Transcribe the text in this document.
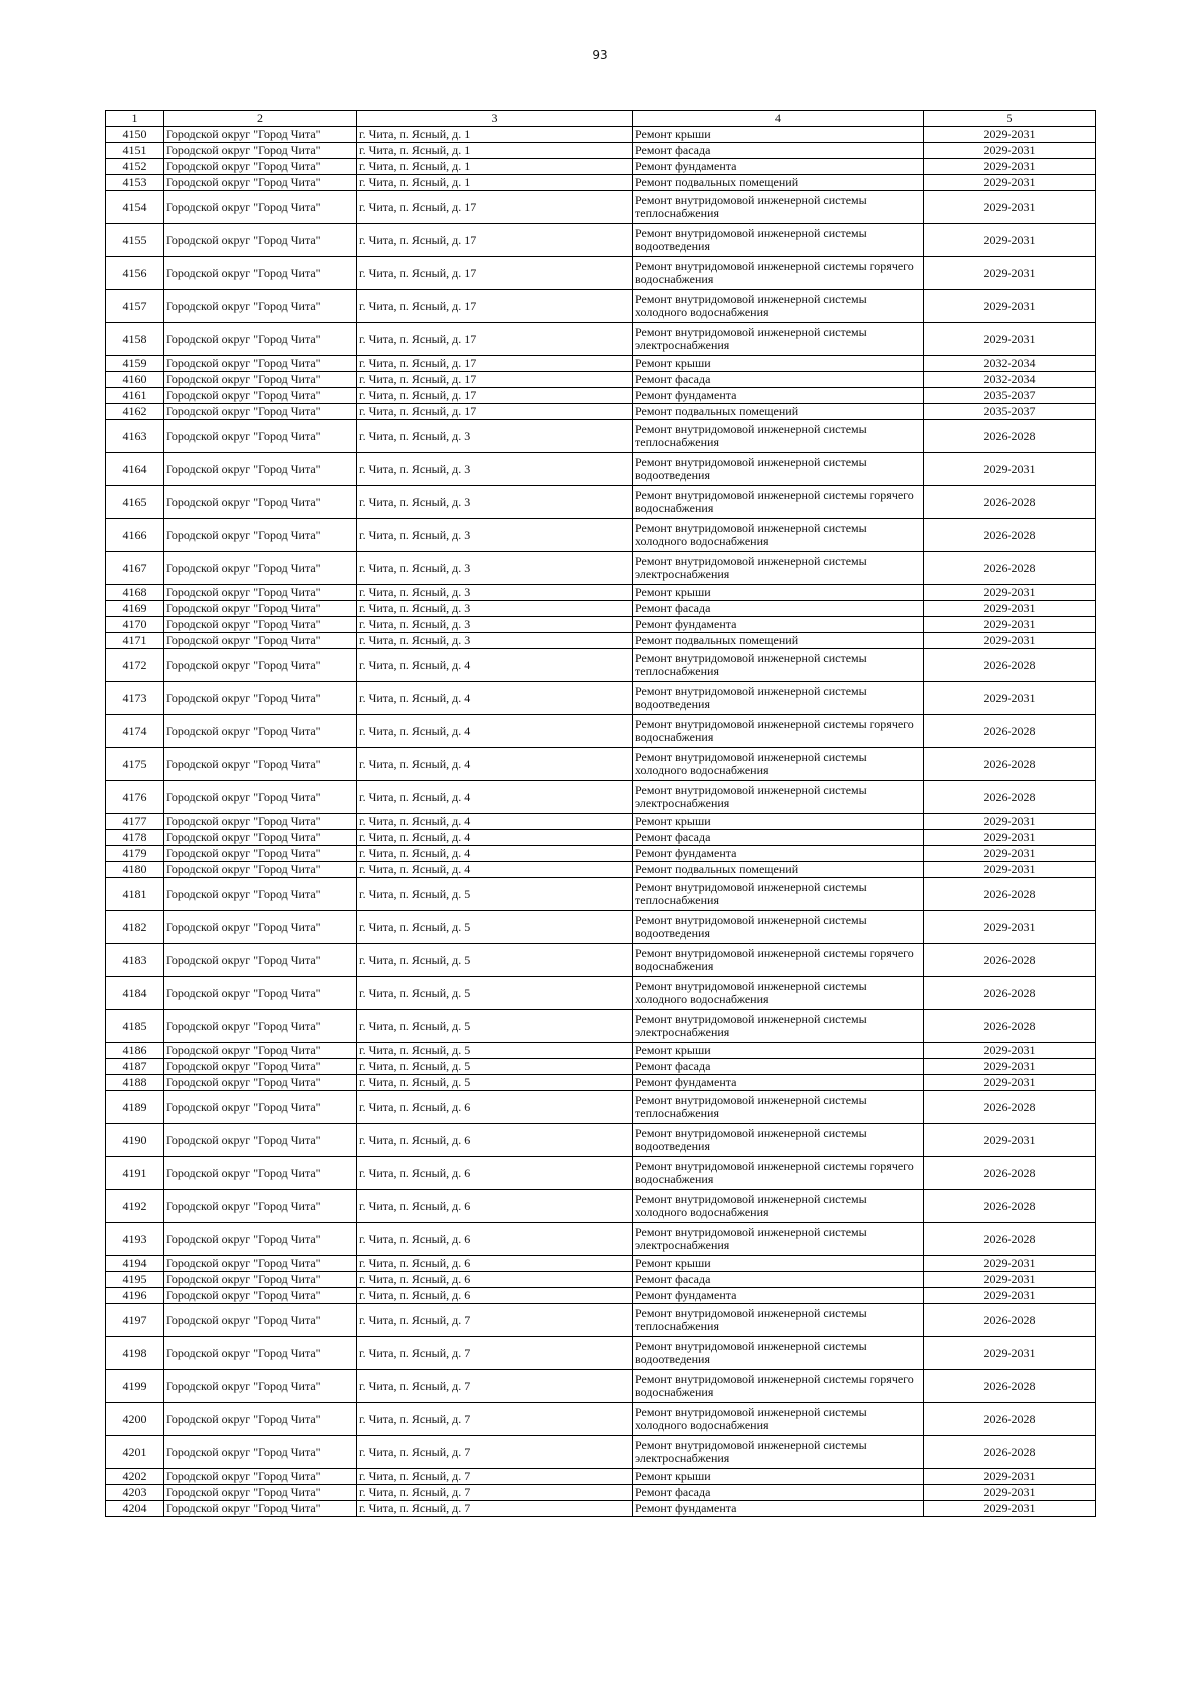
93
1	2	3	4	5
4150	Городской округ "Город Чита"	г. Чита, п. Ясный, д. 1	Ремонт крыши	2029-2031
4151	Городской округ "Город Чита"	г. Чита, п. Ясный, д. 1	Ремонт фасада	2029-2031
4152	Городской округ "Город Чита"	г. Чита, п. Ясный, д. 1	Ремонт фундамента	2029-2031
4153	Городской округ "Город Чита"	г. Чита, п. Ясный, д. 1	Ремонт подвальных помещений	2029-2031
4154	Городской округ "Город Чита"	г. Чита, п. Ясный, д. 17	Ремонт внутридомовой инженерной системы теплоснабжения	2029-2031
4155	Городской округ "Город Чита"	г. Чита, п. Ясный, д. 17	Ремонт внутридомовой инженерной системы водоотведения	2029-2031
4156	Городской округ "Город Чита"	г. Чита, п. Ясный, д. 17	Ремонт внутридомовой инженерной системы горячего водоснабжения	2029-2031
4157	Городской округ "Город Чита"	г. Чита, п. Ясный, д. 17	Ремонт внутридомовой инженерной системы холодного водоснабжения	2029-2031
4158	Городской округ "Город Чита"	г. Чита, п. Ясный, д. 17	Ремонт внутридомовой инженерной системы электроснабжения	2029-2031
4159	Городской округ "Город Чита"	г. Чита, п. Ясный, д. 17	Ремонт крыши	2032-2034
4160	Городской округ "Город Чита"	г. Чита, п. Ясный, д. 17	Ремонт фасада	2032-2034
4161	Городской округ "Город Чита"	г. Чита, п. Ясный, д. 17	Ремонт фундамента	2035-2037
4162	Городской округ "Город Чита"	г. Чита, п. Ясный, д. 17	Ремонт подвальных помещений	2035-2037
4163	Городской округ "Город Чита"	г. Чита, п. Ясный, д. 3	Ремонт внутридомовой инженерной системы теплоснабжения	2026-2028
4164	Городской округ "Город Чита"	г. Чита, п. Ясный, д. 3	Ремонт внутридомовой инженерной системы водоотведения	2029-2031
4165	Городской округ "Город Чита"	г. Чита, п. Ясный, д. 3	Ремонт внутридомовой инженерной системы горячего водоснабжения	2026-2028
4166	Городской округ "Город Чита"	г. Чита, п. Ясный, д. 3	Ремонт внутридомовой инженерной системы холодного водоснабжения	2026-2028
4167	Городской округ "Город Чита"	г. Чита, п. Ясный, д. 3	Ремонт внутридомовой инженерной системы электроснабжения	2026-2028
4168	Городской округ "Город Чита"	г. Чита, п. Ясный, д. 3	Ремонт крыши	2029-2031
4169	Городской округ "Город Чита"	г. Чита, п. Ясный, д. 3	Ремонт фасада	2029-2031
4170	Городской округ "Город Чита"	г. Чита, п. Ясный, д. 3	Ремонт фундамента	2029-2031
4171	Городской округ "Город Чита"	г. Чита, п. Ясный, д. 3	Ремонт подвальных помещений	2029-2031
4172	Городской округ "Город Чита"	г. Чита, п. Ясный, д. 4	Ремонт внутридомовой инженерной системы теплоснабжения	2026-2028
4173	Городской округ "Город Чита"	г. Чита, п. Ясный, д. 4	Ремонт внутридомовой инженерной системы водоотведения	2029-2031
4174	Городской округ "Город Чита"	г. Чита, п. Ясный, д. 4	Ремонт внутридомовой инженерной системы горячего водоснабжения	2026-2028
4175	Городской округ "Город Чита"	г. Чита, п. Ясный, д. 4	Ремонт внутридомовой инженерной системы холодного водоснабжения	2026-2028
4176	Городской округ "Город Чита"	г. Чита, п. Ясный, д. 4	Ремонт внутридомовой инженерной системы электроснабжения	2026-2028
4177	Городской округ "Город Чита"	г. Чита, п. Ясный, д. 4	Ремонт крыши	2029-2031
4178	Городской округ "Город Чита"	г. Чита, п. Ясный, д. 4	Ремонт фасада	2029-2031
4179	Городской округ "Город Чита"	г. Чита, п. Ясный, д. 4	Ремонт фундамента	2029-2031
4180	Городской округ "Город Чита"	г. Чита, п. Ясный, д. 4	Ремонт подвальных помещений	2029-2031
4181	Городской округ "Город Чита"	г. Чита, п. Ясный, д. 5	Ремонт внутридомовой инженерной системы теплоснабжения	2026-2028
4182	Городской округ "Город Чита"	г. Чита, п. Ясный, д. 5	Ремонт внутридомовой инженерной системы водоотведения	2029-2031
4183	Городской округ "Город Чита"	г. Чита, п. Ясный, д. 5	Ремонт внутридомовой инженерной системы горячего водоснабжения	2026-2028
4184	Городской округ "Город Чита"	г. Чита, п. Ясный, д. 5	Ремонт внутридомовой инженерной системы холодного водоснабжения	2026-2028
4185	Городской округ "Город Чита"	г. Чита, п. Ясный, д. 5	Ремонт внутридомовой инженерной системы электроснабжения	2026-2028
4186	Городской округ "Город Чита"	г. Чита, п. Ясный, д. 5	Ремонт крыши	2029-2031
4187	Городской округ "Город Чита"	г. Чита, п. Ясный, д. 5	Ремонт фасада	2029-2031
4188	Городской округ "Город Чита"	г. Чита, п. Ясный, д. 5	Ремонт фундамента	2029-2031
4189	Городской округ "Город Чита"	г. Чита, п. Ясный, д. 6	Ремонт внутридомовой инженерной системы теплоснабжения	2026-2028
4190	Городской округ "Город Чита"	г. Чита, п. Ясный, д. 6	Ремонт внутридомовой инженерной системы водоотведения	2029-2031
4191	Городской округ "Город Чита"	г. Чита, п. Ясный, д. 6	Ремонт внутридомовой инженерной системы горячего водоснабжения	2026-2028
4192	Городской округ "Город Чита"	г. Чита, п. Ясный, д. 6	Ремонт внутридомовой инженерной системы холодного водоснабжения	2026-2028
4193	Городской округ "Город Чита"	г. Чита, п. Ясный, д. 6	Ремонт внутридомовой инженерной системы электроснабжения	2026-2028
4194	Городской округ "Город Чита"	г. Чита, п. Ясный, д. 6	Ремонт крыши	2029-2031
4195	Городской округ "Город Чита"	г. Чита, п. Ясный, д. 6	Ремонт фасада	2029-2031
4196	Городской округ "Город Чита"	г. Чита, п. Ясный, д. 6	Ремонт фундамента	2029-2031
4197	Городской округ "Город Чита"	г. Чита, п. Ясный, д. 7	Ремонт внутридомовой инженерной системы теплоснабжения	2026-2028
4198	Городской округ "Город Чита"	г. Чита, п. Ясный, д. 7	Ремонт внутридомовой инженерной системы водоотведения	2029-2031
4199	Городской округ "Город Чита"	г. Чита, п. Ясный, д. 7	Ремонт внутридомовой инженерной системы горячего водоснабжения	2026-2028
4200	Городской округ "Город Чита"	г. Чита, п. Ясный, д. 7	Ремонт внутридомовой инженерной системы холодного водоснабжения	2026-2028
4201	Городской округ "Город Чита"	г. Чита, п. Ясный, д. 7	Ремонт внутридомовой инженерной системы электроснабжения	2026-2028
4202	Городской округ "Город Чита"	г. Чита, п. Ясный, д. 7	Ремонт крыши	2029-2031
4203	Городской округ "Город Чита"	г. Чита, п. Ясный, д. 7	Ремонт фасада	2029-2031
4204	Городской округ "Город Чита"	г. Чита, п. Ясный, д. 7	Ремонт фундамента	2029-2031
